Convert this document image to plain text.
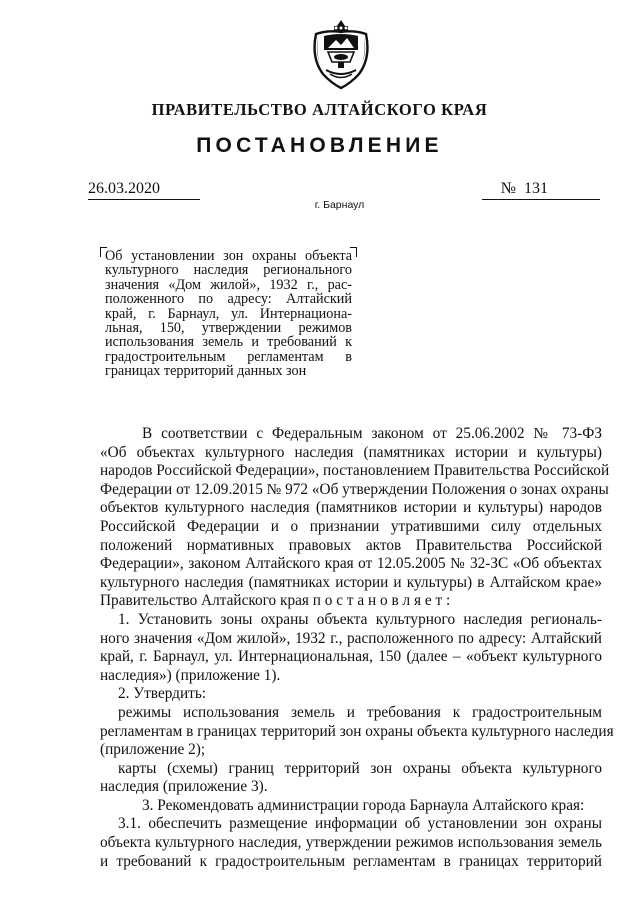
ПРАВИТЕЛЬСТВО АЛТАЙСКОГО КРАЯ
ПОСТАНОВЛЕНИЕ
26.03.2020	№ 131
г. Барнаул
Об установлении зон охраны объекта
культурного наследия регионального
значения «Дом жилой», 1932 г., рас-
положенного по адресу: Алтайский
край, г. Барнаул, ул. Интернациона-
льная, 150, утверждении режимов
использования земель и требований к
градостроительным регламентам в
границах территорий данных зон
В соответствии с Федеральным законом от 25.06.2002 № 73-ФЗ
«Об объектах культурного наследия (памятниках истории и культуры)
народов Российской Федерации», постановлением Правительства Российской
Федерации от 12.09.2015 № 972 «Об утверждении Положения о зонах охраны
объектов культурного наследия (памятников истории и культуры) народов
Российской Федерации и о признании утратившими силу отдельных
положений нормативных правовых актов Правительства Российской
Федерации», законом Алтайского края от 12.05.2005 № 32-ЗС «Об объектах
культурного наследия (памятниках истории и культуры) в Алтайском крае»
Правительство Алтайского края п о с т а н о в л я е т :
1. Установить зоны охраны объекта культурного наследия региональ-
ного значения «Дом жилой», 1932 г., расположенного по адресу: Алтайский
край, г. Барнаул, ул. Интернациональная, 150 (далее – «объект культурного
наследия») (приложение 1).
2. Утвердить:
режимы использования земель и требования к градостроительным
регламентам в границах территорий зон охраны объекта культурного наследия
(приложение 2);
карты (схемы) границ территорий зон охраны объекта культурного
наследия (приложение 3).
3. Рекомендовать администрации города Барнаула Алтайского края:
3.1. обеспечить размещение информации об установлении зон охраны
объекта культурного наследия, утверждении режимов использования земель
и требований к градостроительным регламентам в границах территорий
